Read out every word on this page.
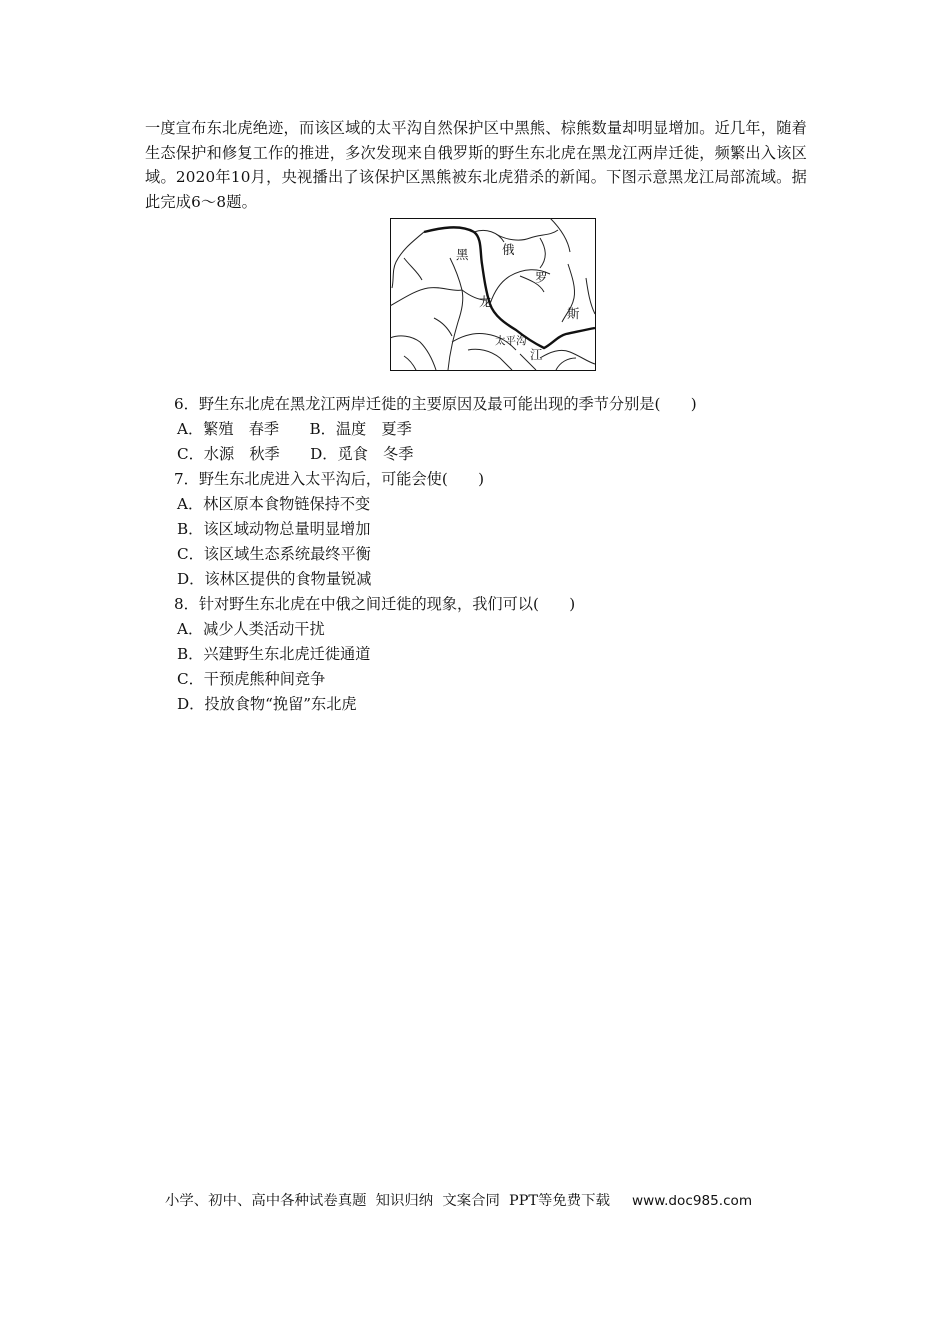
一度宣布东北虎绝迹，而该区域的太平沟自然保护区中黑熊、棕熊数量却明显增加。近几年，随着生态保护和修复工作的推进，多次发现来自俄罗斯的野生东北虎在黑龙江两岸迁徙，频繁出入该区域。2020年10月，央视播出了该保护区黑熊被东北虎猎杀的新闻。下图示意黑龙江局部流域。据此完成6～8题。
黑
龙
江
俄
罗
斯
太平沟

6．野生东北虎在黑龙江两岸迁徙的主要原因及最可能出现的季节分别是(　　)

A．繁殖　春季　　B．温度　夏季

C．水源　秋季　　D．觅食　冬季

7．野生东北虎进入太平沟后，可能会使(　　)

A．林区原本食物链保持不变

B．该区域动物总量明显增加

C．该区域生态系统最终平衡

D．该林区提供的食物量锐减

8．针对野生东北虎在中俄之间迁徙的现象，我们可以(　　)

A．减少人类活动干扰

B．兴建野生东北虎迁徙通道

C．干预虎熊种间竞争

D．投放食物“挽留”东北虎

小学、初中、高中各种试卷真题  知识归纳  文案合同  PPT等免费下载 www.doc985.com
